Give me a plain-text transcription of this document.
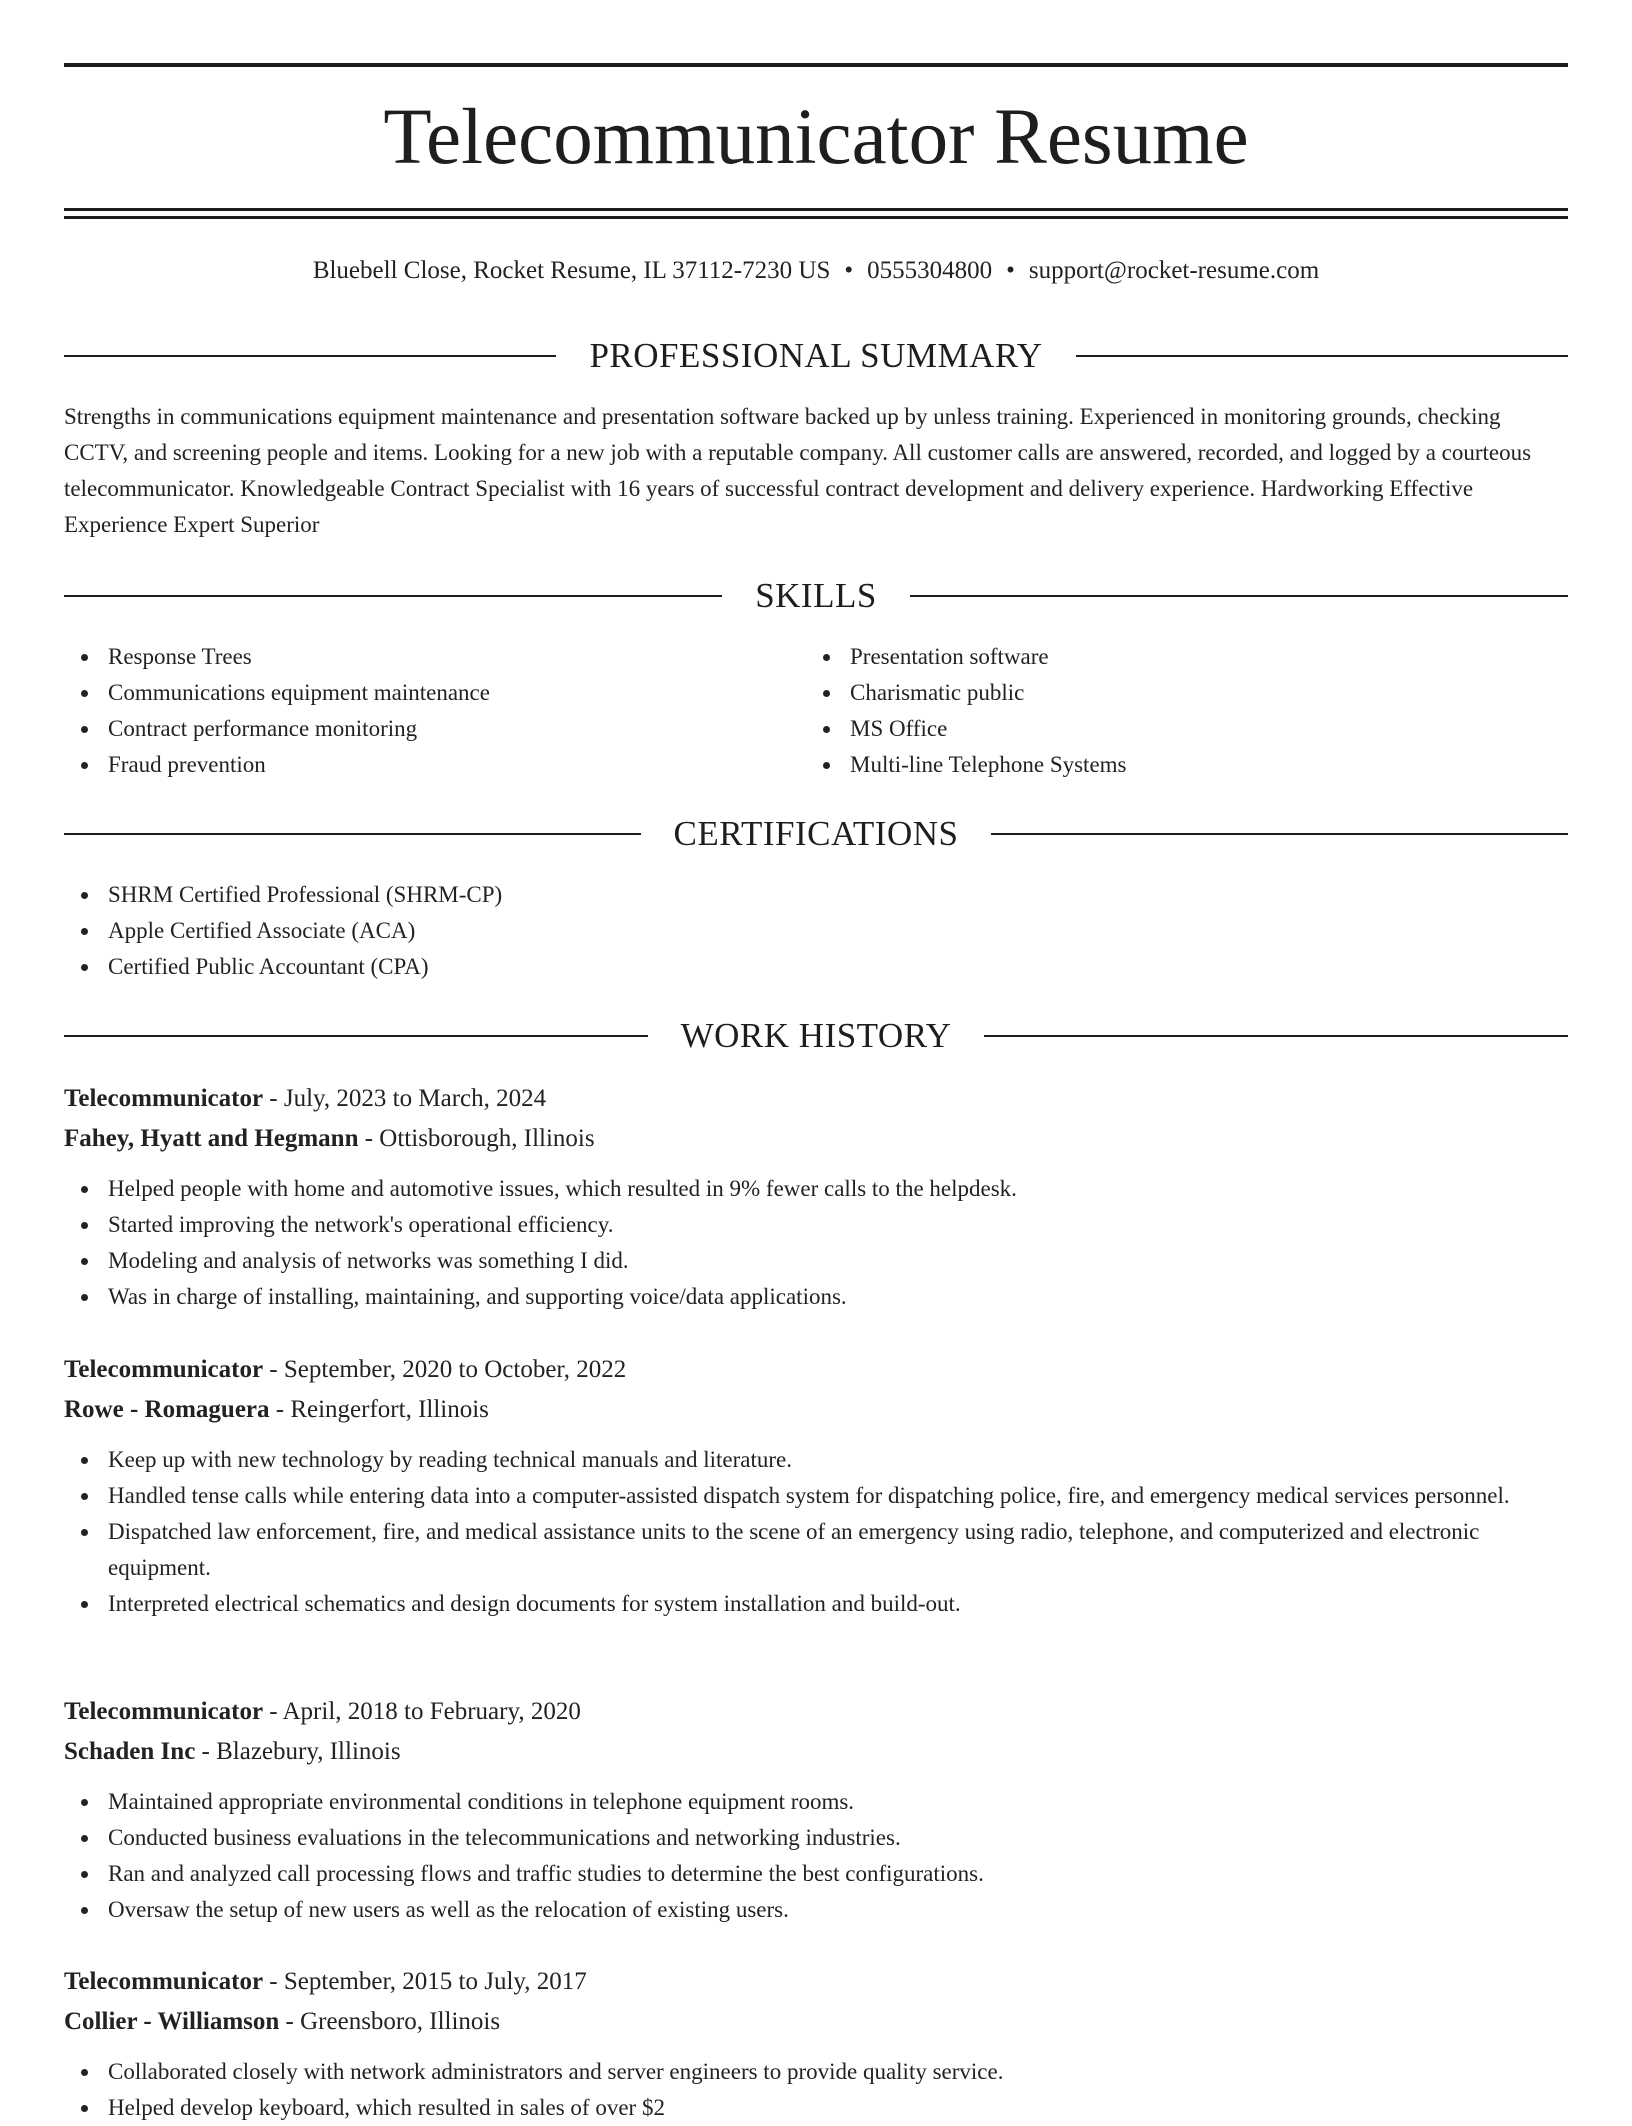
Telecommunicator Resume
Bluebell Close, Rocket Resume, IL 37112-7230 US • 0555304800 • support@rocket-resume.com
PROFESSIONAL SUMMARY

Strengths in communications equipment maintenance and presentation software backed up by unless training. Experienced in monitoring grounds, checking CCTV, and screening people and items. Looking for a new job with a reputable company. All customer calls are answered, recorded, and logged by a courteous telecommunicator. Knowledgeable Contract Specialist with 16 years of successful contract development and delivery experience. Hardworking Effective Experience Expert Superior

SKILLS
Response Trees
Communications equipment maintenance
Contract performance monitoring
Fraud prevention
Presentation software
Charismatic public
MS Office
Multi-line Telephone Systems
CERTIFICATIONS
SHRM Certified Professional (SHRM-CP)
Apple Certified Associate (ACA)
Certified Public Accountant (CPA)
WORK HISTORY
Telecommunicator - July, 2023 to March, 2024
Fahey, Hyatt and Hegmann - Ottisborough, Illinois
Helped people with home and automotive issues, which resulted in 9% fewer calls to the helpdesk.
Started improving the network's operational efficiency.
Modeling and analysis of networks was something I did.
Was in charge of installing, maintaining, and supporting voice/data applications.
Telecommunicator - September, 2020 to October, 2022
Rowe - Romaguera - Reingerfort, Illinois
Keep up with new technology by reading technical manuals and literature.
Handled tense calls while entering data into a computer-assisted dispatch system for dispatching police, fire, and emergency medical services personnel.
Dispatched law enforcement, fire, and medical assistance units to the scene of an emergency using radio, telephone, and computerized and electronic equipment.
Interpreted electrical schematics and design documents for system installation and build-out.
Telecommunicator - April, 2018 to February, 2020
Schaden Inc - Blazebury, Illinois
Maintained appropriate environmental conditions in telephone equipment rooms.
Conducted business evaluations in the telecommunications and networking industries.
Ran and analyzed call processing flows and traffic studies to determine the best configurations.
Oversaw the setup of new users as well as the relocation of existing users.
Telecommunicator - September, 2015 to July, 2017
Collier - Williamson - Greensboro, Illinois
Collaborated closely with network administrators and server engineers to provide quality service.
Helped develop keyboard, which resulted in sales of over $2
